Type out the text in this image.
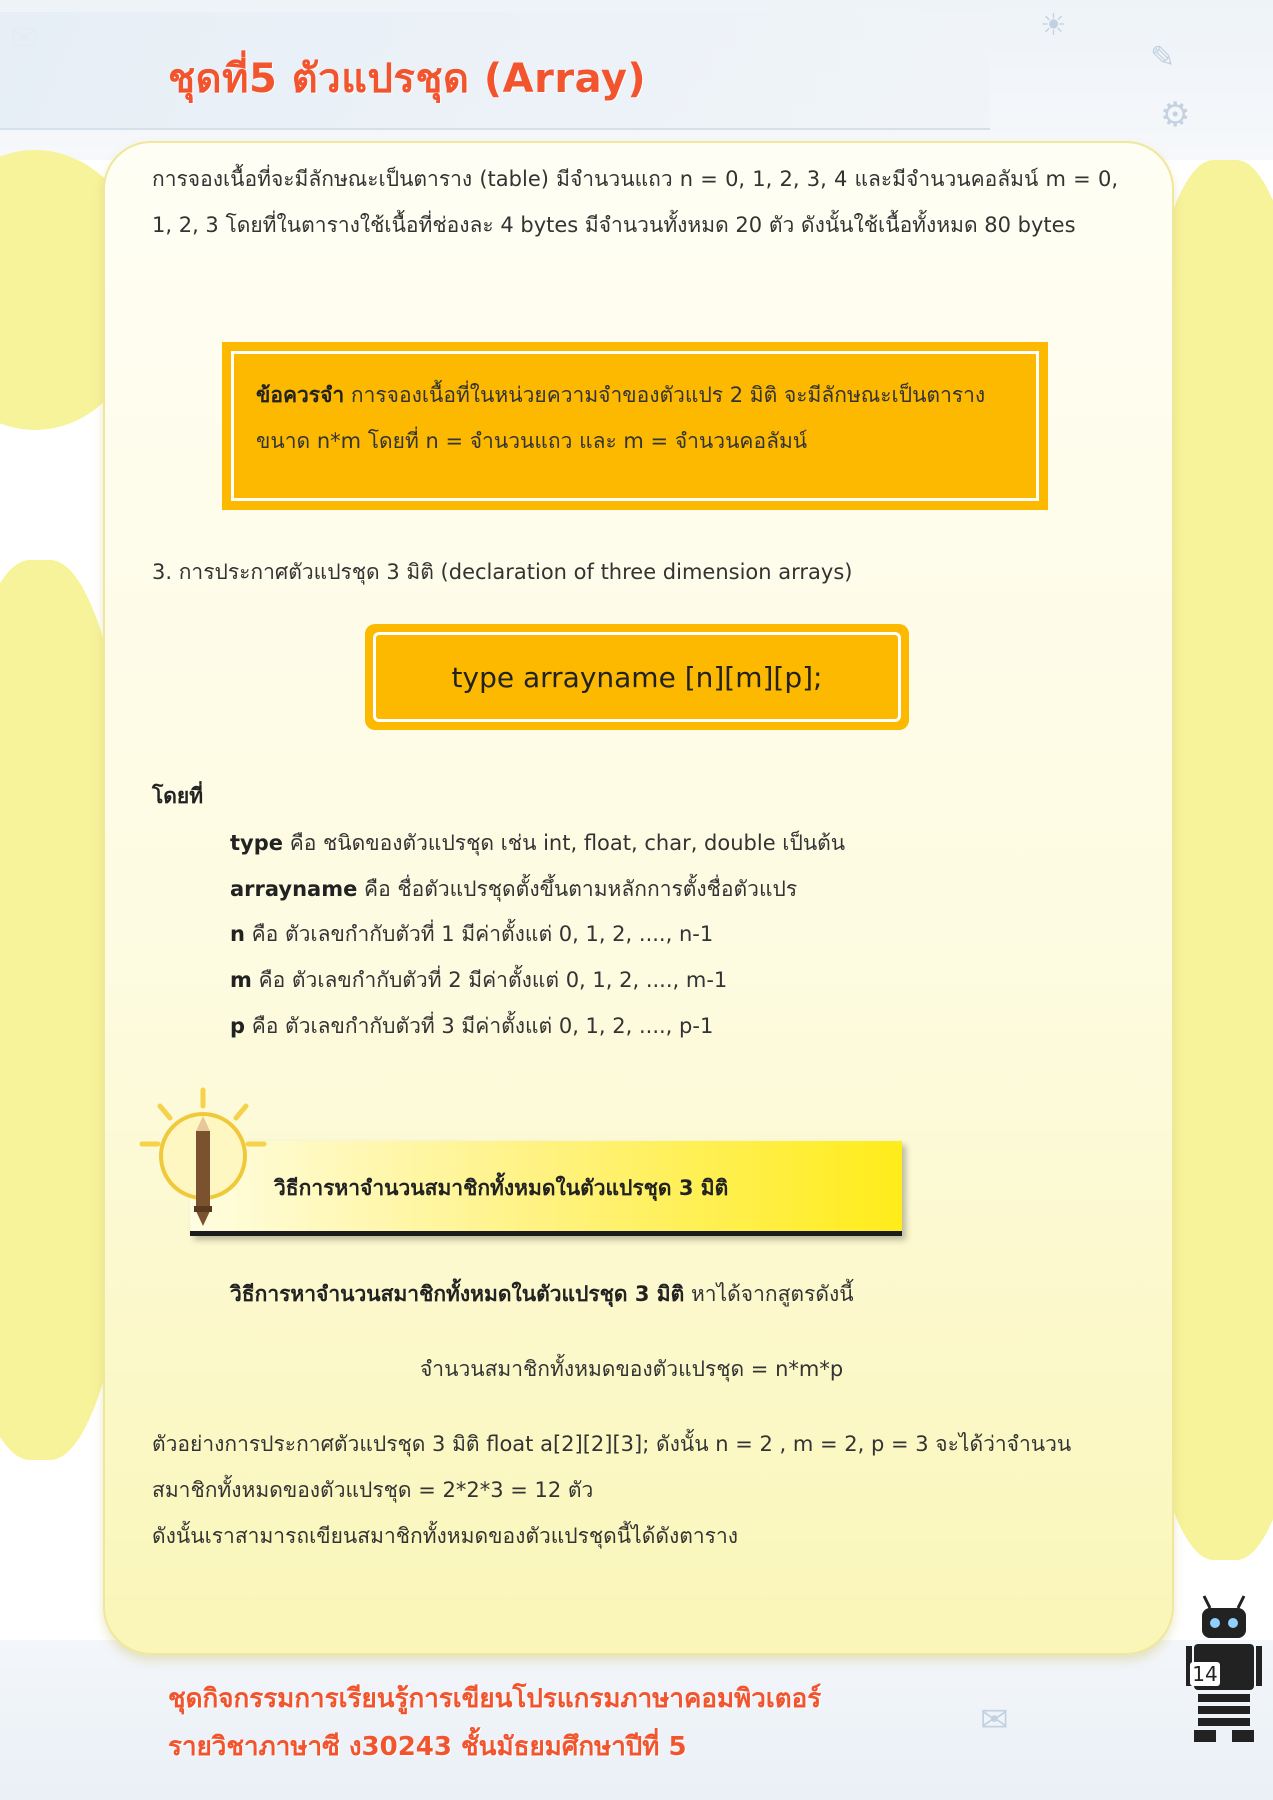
✎
⚙
✉
☀
ชุดที่5 ตัวแปรชุด (Array)
การจองเนื้อที่จะมีลักษณะเป็นตาราง (table) มีจำนวนแถว n = 0, 1, 2, 3, 4 และมีจำนวนคอลัมน์ m = 0, 1, 2, 3 โดยที่ในตารางใช้เนื้อที่ช่องละ 4 bytes มีจำนวนทั้งหมด 20 ตัว ดังนั้นใช้เนื้อทั้งหมด 80 bytes
ข้อควรจำ การจองเนื้อที่ในหน่วยความจำของตัวแปร 2 มิติ จะมีลักษณะเป็นตาราง
ขนาด n*m โดยที่ n = จำนวนแถว และ m = จำนวนคอลัมน์
3. การประกาศตัวแปรชุด 3 มิติ (declaration of three dimension arrays)
type arrayname [n][m][p];
โดยที่
type คือ ชนิดของตัวแปรชุด เช่น int, float, char, double เป็นต้น
arrayname คือ ชื่อตัวแปรชุดตั้งขึ้นตามหลักการตั้งชื่อตัวแปร
n คือ ตัวเลขกำกับตัวที่ 1 มีค่าตั้งแต่ 0, 1, 2, ...., n-1
m คือ ตัวเลขกำกับตัวที่ 2 มีค่าตั้งแต่ 0, 1, 2, ...., m-1
p คือ ตัวเลขกำกับตัวที่ 3 มีค่าตั้งแต่ 0, 1, 2, ...., p-1
วิธีการหาจำนวนสมาชิกทั้งหมดในตัวแปรชุด 3 มิติ
วิธีการหาจำนวนสมาชิกทั้งหมดในตัวแปรชุด 3 มิติ หาได้จากสูตรดังนี้
จำนวนสมาชิกทั้งหมดของตัวแปรชุด = n*m*p
ตัวอย่างการประกาศตัวแปรชุด 3 มิติ float a[2][2][3]; ดังนั้น n = 2 , m = 2, p = 3 จะได้ว่าจำนวน
สมาชิกทั้งหมดของตัวแปรชุด = 2*2*3 = 12 ตัว
ดังนั้นเราสามารถเขียนสมาชิกทั้งหมดของตัวแปรชุดนี้ได้ดังตาราง
ชุดกิจกรรมการเรียนรู้การเขียนโปรแกรมภาษาคอมพิวเตอร์
รายวิชาภาษาซี ง30243 ชั้นมัธยมศึกษาปีที่ 5
14
